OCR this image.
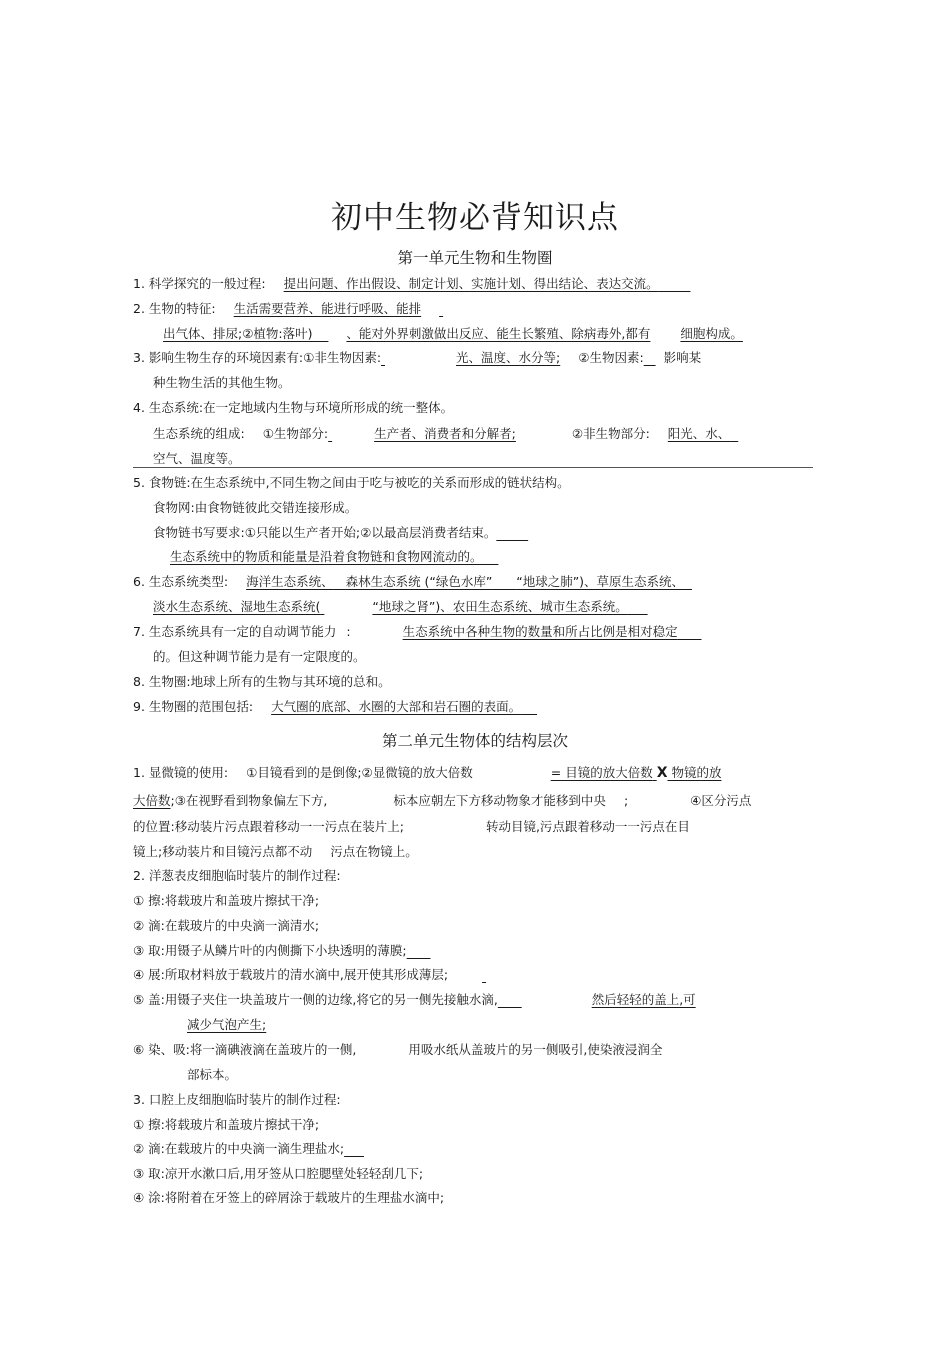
初中生物必背知识点
第一单元生物和生物圈
1. 科学探究的一般过程: 提出问题、作出假设、制定计划、实施计划、得出结论、表达交流。
2. 生物的特征: 生活需要营养、能进行呼吸、能排
出气体、排尿;②植物:落叶)	、能对外界刺激做出反应、能生长繁殖、除病毒外,都有 细胞构成。
3. 影响生物生存的环境因素有:①非生物因素:	光、温度、水分等; ②生物因素: 影响某
种生物生活的其他生物。
4. 生态系统:在一定地域内生物与环境所形成的统一整体。
生态系统的组成: ①生物部分:	生产者、消费者和分解者;	②非生物部分: 阳光、水、
空气、温度等。
5. 食物链:在生态系统中,不同生物之间由于吃与被吃的关系而形成的链状结构。
食物网:由食物链彼此交错连接形成。
食物链书写要求:①只能以生产者开始;②以最高层消费者结束。
生态系统中的物质和能量是沿着食物链和食物网流动的。
6. 生态系统类型: 海洋生态系统、 森林生态系统 (“绿色水库” “地球之肺”)、草原生态系统、
淡水生态系统、湿地生态系统(	“地球之肾”)、农田生态系统、城市生态系统。
7. 生态系统具有一定的自动调节能力 :	生态系统中各种生物的数量和所占比例是相对稳定
的。但这种调节能力是有一定限度的。
8. 生物圈:地球上所有的生物与其环境的总和。
9. 生物圈的范围包括: 大气圈的底部、水圈的大部和岩石圈的表面。
第二单元生物体的结构层次
1. 显微镜的使用: ①目镜看到的是倒像;②显微镜的放大倍数	= 目镜的放大倍数 X 物镜的放
大倍数;③在视野看到物象偏左下方,	标本应朝左下方移动物象才能移到中央 ;	④区分污点
的位置:移动装片污点跟着移动一一污点在装片上;	转动目镜,污点跟着移动一一污点在目
镜上;移动装片和目镜污点都不动 污点在物镜上。
2. 洋葱表皮细胞临时装片的制作过程:
① 擦:将载玻片和盖玻片擦拭干净;
② 滴:在载玻片的中央滴一滴清水;
③ 取:用镊子从鳞片叶的内侧撕下小块透明的薄膜;
④ 展:所取材料放于载玻片的清水滴中,展开使其形成薄层;
⑤ 盖:用镊子夹住一块盖玻片一侧的边缘,将它的另一侧先接触水滴,	然后轻轻的盖上,可
减少气泡产生;
⑥ 染、吸:将一滴碘液滴在盖玻片的一侧,	用吸水纸从盖玻片的另一侧吸引,使染液浸润全
部标本。
3. 口腔上皮细胞临时装片的制作过程:
① 擦:将载玻片和盖玻片擦拭干净;
② 滴:在载玻片的中央滴一滴生理盐水;
③ 取:凉开水漱口后,用牙签从口腔腮壁处轻轻刮几下;
④ 涂:将附着在牙签上的碎屑涂于载玻片的生理盐水滴中;
